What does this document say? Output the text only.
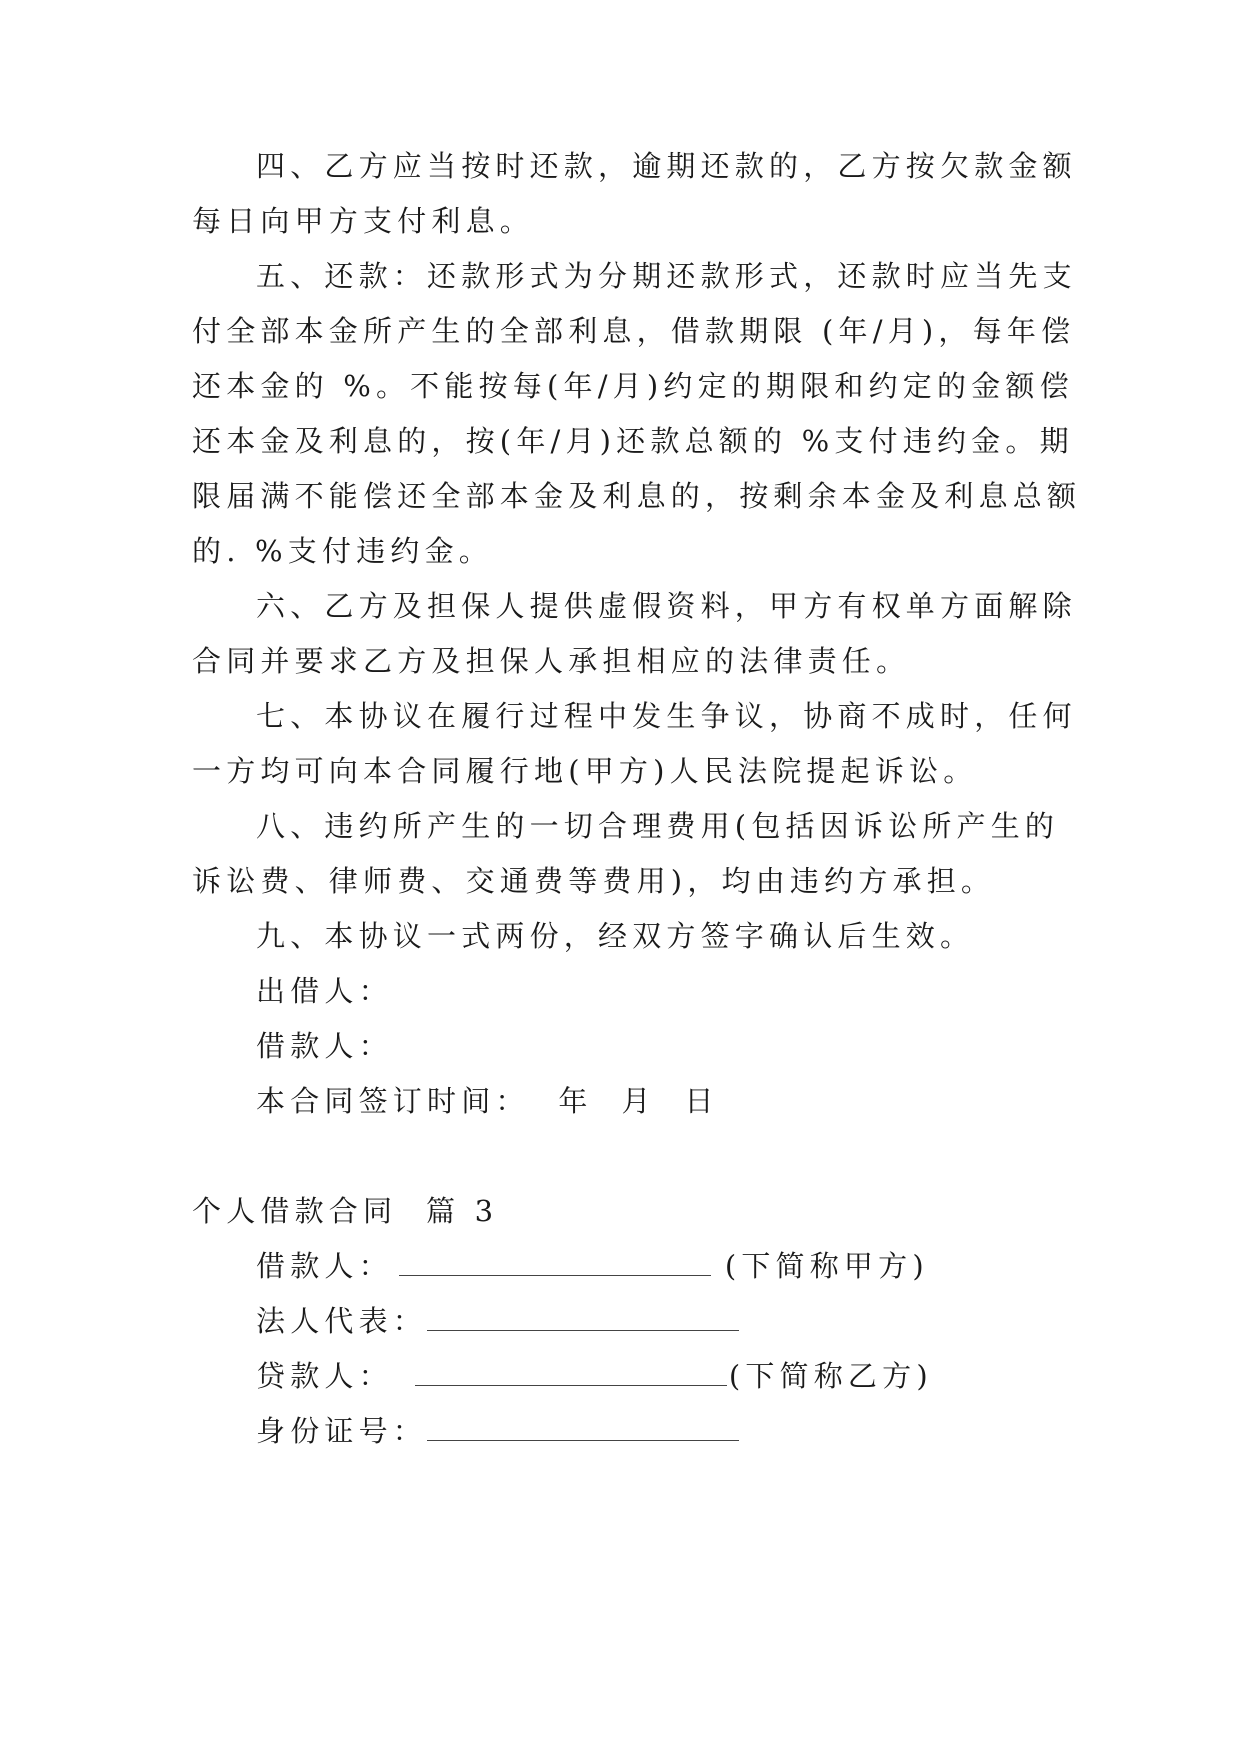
四、乙方应当按时还款，逾期还款的，乙方按欠款金额
每日向甲方支付利息。
五、还款：还款形式为分期还款形式，还款时应当先支
付全部本金所产生的全部利息，借款期限 (年/月)，每年偿
还本金的 %。不能按每(年/月)约定的期限和约定的金额偿
还本金及利息的，按(年/月)还款总额的 %支付违约金。期
限届满不能偿还全部本金及利息的，按剩余本金及利息总额
的. %支付违约金。
六、乙方及担保人提供虚假资料，甲方有权单方面解除
合同并要求乙方及担保人承担相应的法律责任。
七、本协议在履行过程中发生争议，协商不成时，任何
一方均可向本合同履行地(甲方)人民法院提起诉讼。
八、违约所产生的一切合理费用(包括因诉讼所产生的
诉讼费、律师费、交通费等费用)，均由违约方承担。
九、本协议一式两份，经双方签字确认后生效。
出借人：
借款人：
本合同签订时间：  年  月  日
个人借款合同  篇 3
借款人：	(下简称甲方)
法人代表：
贷款人：	(下简称乙方)
身份证号：
